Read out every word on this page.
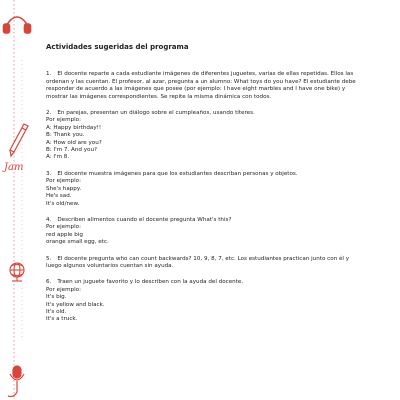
Jam
Actividades sugeridas del programa

1. El docente reparte a cada estudiante imágenes de diferentes juguetes, varias de ellas repetidas. Ellos las ordenan y las cuentan. El profesor, al azar, pregunta a un alumno: What toys do you have? El estudiante debe responder de acuerdo a las imágenes que posee (por ejemplo: I have eight marbles and I have one bike) y mostrar las imágenes correspondientes. Se repite la misma dinámica con todos.

2. En parejas, presentan un diálogo sobre el cumpleaños, usando títeres.

Por ejemplo:

A: Happy birthday!!

B: Thank you.

A: How old are you?

B: I'm 7. And you?

A: I'm 8.

3. El docente muestra imágenes para que los estudiantes describan personas y objetos.

Por ejemplo:

She's happy.

He's sad.

It's old/new.

4. Describen alimentos cuando el docente pregunta What's this?

Por ejemplo:

red apple big

orange small egg, etc.

5. El docente pregunta who can count backwards? 10, 9, 8, 7, etc. Los estudiantes practican junto con él y luego algunos voluntarios cuentan sin ayuda.

6. Traen un juguete favorito y lo describen con la ayuda del docente.

Por ejemplo:

It's big.

It's yellow and black.

It's old.

It's a truck.
